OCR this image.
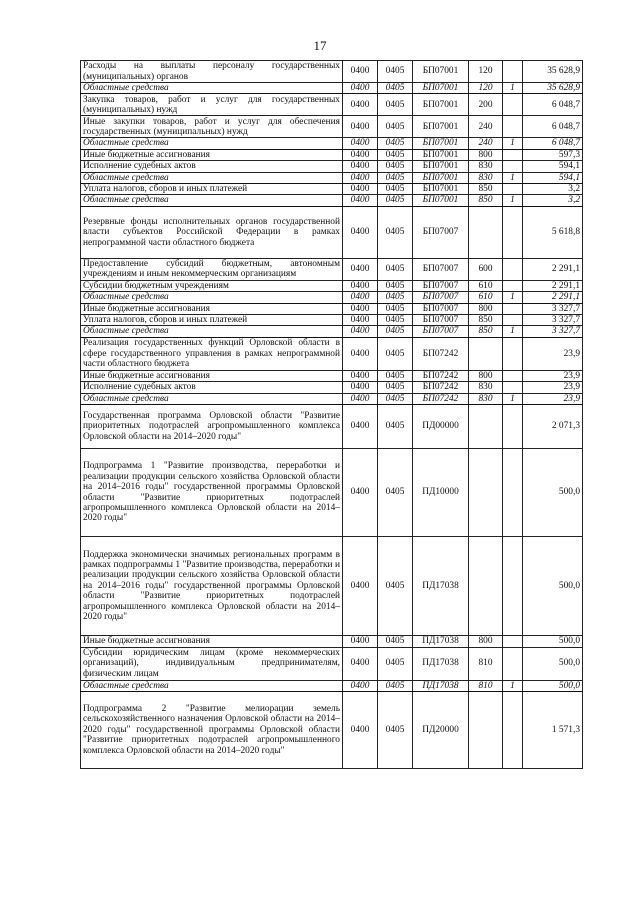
17
Расходы на выплаты персоналу государственных (муниципальных) органов	0400	0405	БП07001	120		35 628,9
Областные средства	0400	0405	БП07001	120	1	35 628,9
Закупка товаров, работ и услуг для государственных (муниципальных) нужд	0400	0405	БП07001	200		6 048,7
Иные закупки товаров, работ и услуг для обеспечения государственных (муниципальных) нужд	0400	0405	БП07001	240		6 048,7
Областные средства	0400	0405	БП07001	240	1	6 048,7
Иные бюджетные ассигнования	0400	0405	БП07001	800		597,3
Исполнение судебных актов	0400	0405	БП07001	830		594,1
Областные средства	0400	0405	БП07001	830	1	594,1
Уплата налогов, сборов и иных платежей	0400	0405	БП07001	850		3,2
Областные средства	0400	0405	БП07001	850	1	3,2
Резервные фонды исполнительных органов государственной власти субъектов Российской Федерации в рамках непрограммной части областного бюджета	0400	0405	БП07007			5 618,8
Предоставление субсидий бюджетным, автономным учреждениям и иным некоммерческим организациям	0400	0405	БП07007	600		2 291,1
Субсидии бюджетным учреждениям	0400	0405	БП07007	610		2 291,1
Областные средства	0400	0405	БП07007	610	1	2 291,1
Иные бюджетные ассигнования	0400	0405	БП07007	800		3 327,7
Уплата налогов, сборов и иных платежей	0400	0405	БП07007	850		3 327,7
Областные средства	0400	0405	БП07007	850	1	3 327,7
Реализация государственных функций Орловской области в сфере государственного управления в рамках непрограммной части областного бюджета	0400	0405	БП07242			23,9
Иные бюджетные ассигнования	0400	0405	БП07242	800		23,9
Исполнение судебных актов	0400	0405	БП07242	830		23,9
Областные средства	0400	0405	БП07242	830	1	23,9
Государственная программа Орловской области "Развитие приоритетных подотраслей агропромышленного комплекса Орловской области на 2014–2020 годы"	0400	0405	ПД00000			2 071,3
Подпрограмма 1 "Развитие производства, переработки и реализации продукции сельского хозяйства Орловской области на 2014–2016 годы" государственной программы Орловской области "Развитие приоритетных подотраслей агропромышленного комплекса Орловской области на 2014–2020 годы"	0400	0405	ПД10000			500,0
Поддержка экономически значимых региональных программ в рамках подпрограммы 1 "Развитие производства, переработки и реализации продукции сельского хозяйства Орловской области на 2014–2016 годы" государственной программы Орловской области "Развитие приоритетных подотраслей агропромышленного комплекса Орловской области на 2014–2020 годы"	0400	0405	ПД17038			500,0
Иные бюджетные ассигнования	0400	0405	ПД17038	800		500,0
Субсидии юридическим лицам (кроме некоммерческих организаций), индивидуальным предпринимателям, физическим лицам	0400	0405	ПД17038	810		500,0
Областные средства	0400	0405	ПД17038	810	1	500,0
Подпрограмма 2 "Развитие мелиорации земель сельскохозяйственного назначения Орловской области на 2014–2020 годы" государственной программы Орловской области "Развитие приоритетных подотраслей агропромышленного комплекса Орловской области на 2014–2020 годы"	0400	0405	ПД20000			1 571,3
